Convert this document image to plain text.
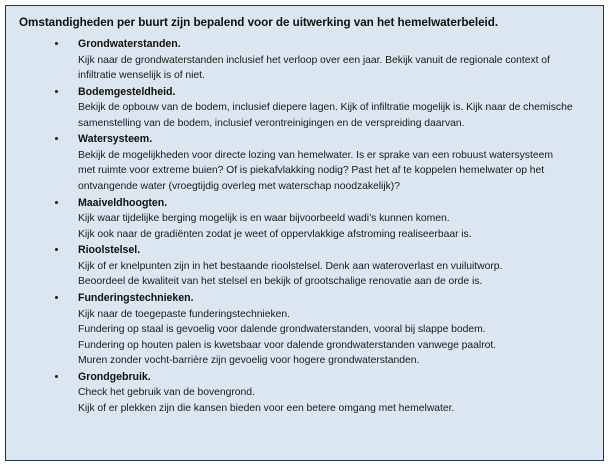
Omstandigheden per buurt zijn bepalend voor de uitwerking van het hemelwaterbeleid.
Grondwaterstanden.
Kijk naar de grondwaterstanden inclusief het verloop over een jaar. Bekijk vanuit de regionale context of
infiltratie wenselijk is of niet.
Bodemgesteldheid.
Bekijk de opbouw van de bodem, inclusief diepere lagen. Kijk of infiltratie mogelijk is. Kijk naar de chemische
samenstelling van de bodem, inclusief verontreinigingen en de verspreiding daarvan.
Watersysteem.
Bekijk de mogelijkheden voor directe lozing van hemelwater. Is er sprake van een robuust watersysteem
met ruimte voor extreme buien? Of is piekafvlakking nodig? Past het af te koppelen hemelwater op het
ontvangende water (vroegtijdig overleg met waterschap noodzakelijk)?
Maaiveldhoogten.
Kijk waar tijdelijke berging mogelijk is en waar bijvoorbeeld wadi’s kunnen komen.
Kijk ook naar de gradiënten zodat je weet of oppervlakkige afstroming realiseerbaar is.
Rioolstelsel.
Kijk of er knelpunten zijn in het bestaande rioolstelsel. Denk aan wateroverlast en vuiluitworp.
Beoordeel de kwaliteit van het stelsel en bekijk of grootschalige renovatie aan de orde is.
Funderingstechnieken.
Kijk naar de toegepaste funderingstechnieken.
Fundering op staal is gevoelig voor dalende grondwaterstanden, vooral bij slappe bodem.
Fundering op houten palen is kwetsbaar voor dalende grondwaterstanden vanwege paalrot.
Muren zonder vocht-barrière zijn gevoelig voor hogere grondwaterstanden.
Grondgebruik.
Check het gebruik van de bovengrond.
Kijk of er plekken zijn die kansen bieden voor een betere omgang met hemelwater.
